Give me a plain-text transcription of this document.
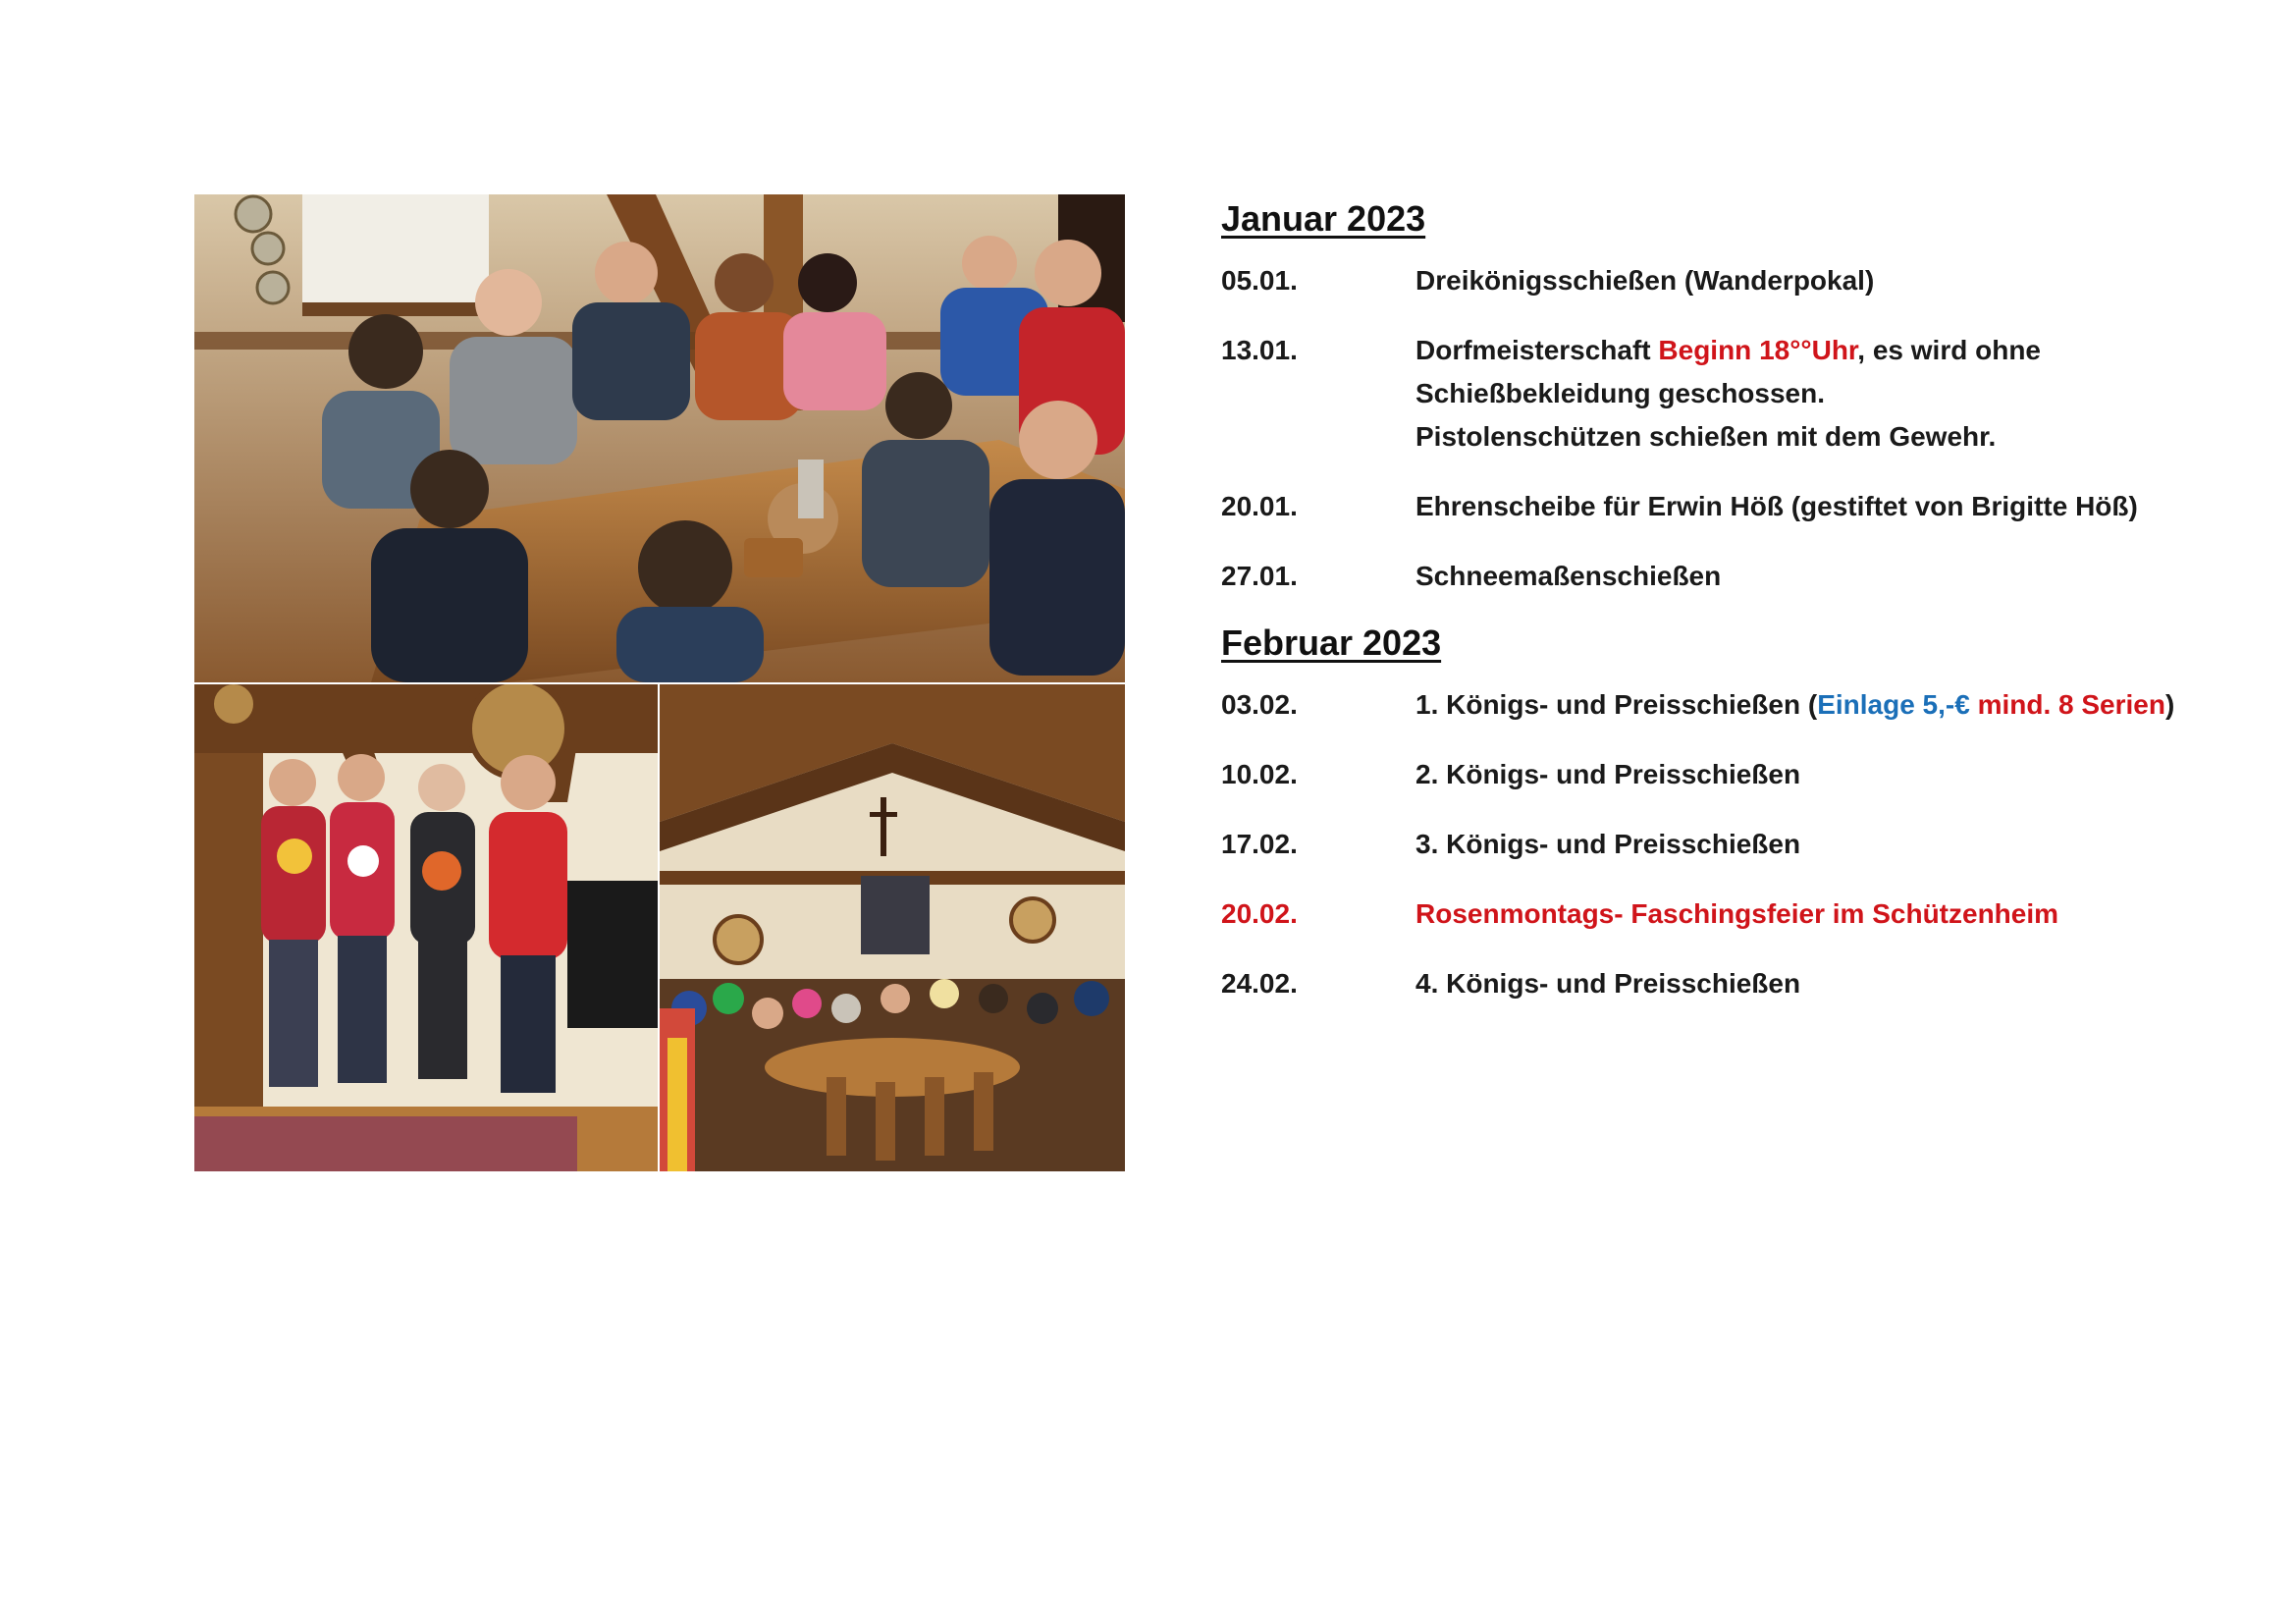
Januar 2023
05.01.	Dreikönigsschießen (Wanderpokal)
13.01.	Dorfmeisterschaft Beginn 18°°Uhr, es wird ohne
Schießbekleidung geschossen.
Pistolenschützen schießen mit dem Gewehr.
20.01.	Ehrenscheibe für Erwin Höß (gestiftet von Brigitte Höß)
27.01.	Schneemaßenschießen
Februar 2023
03.02.	1. Königs- und Preisschießen (Einlage 5,-€ mind. 8 Serien)
10.02.	2. Königs- und Preisschießen
17.02.	3. Königs- und Preisschießen
20.02.	Rosenmontags- Faschingsfeier im Schützenheim
24.02.	4. Königs- und Preisschießen
